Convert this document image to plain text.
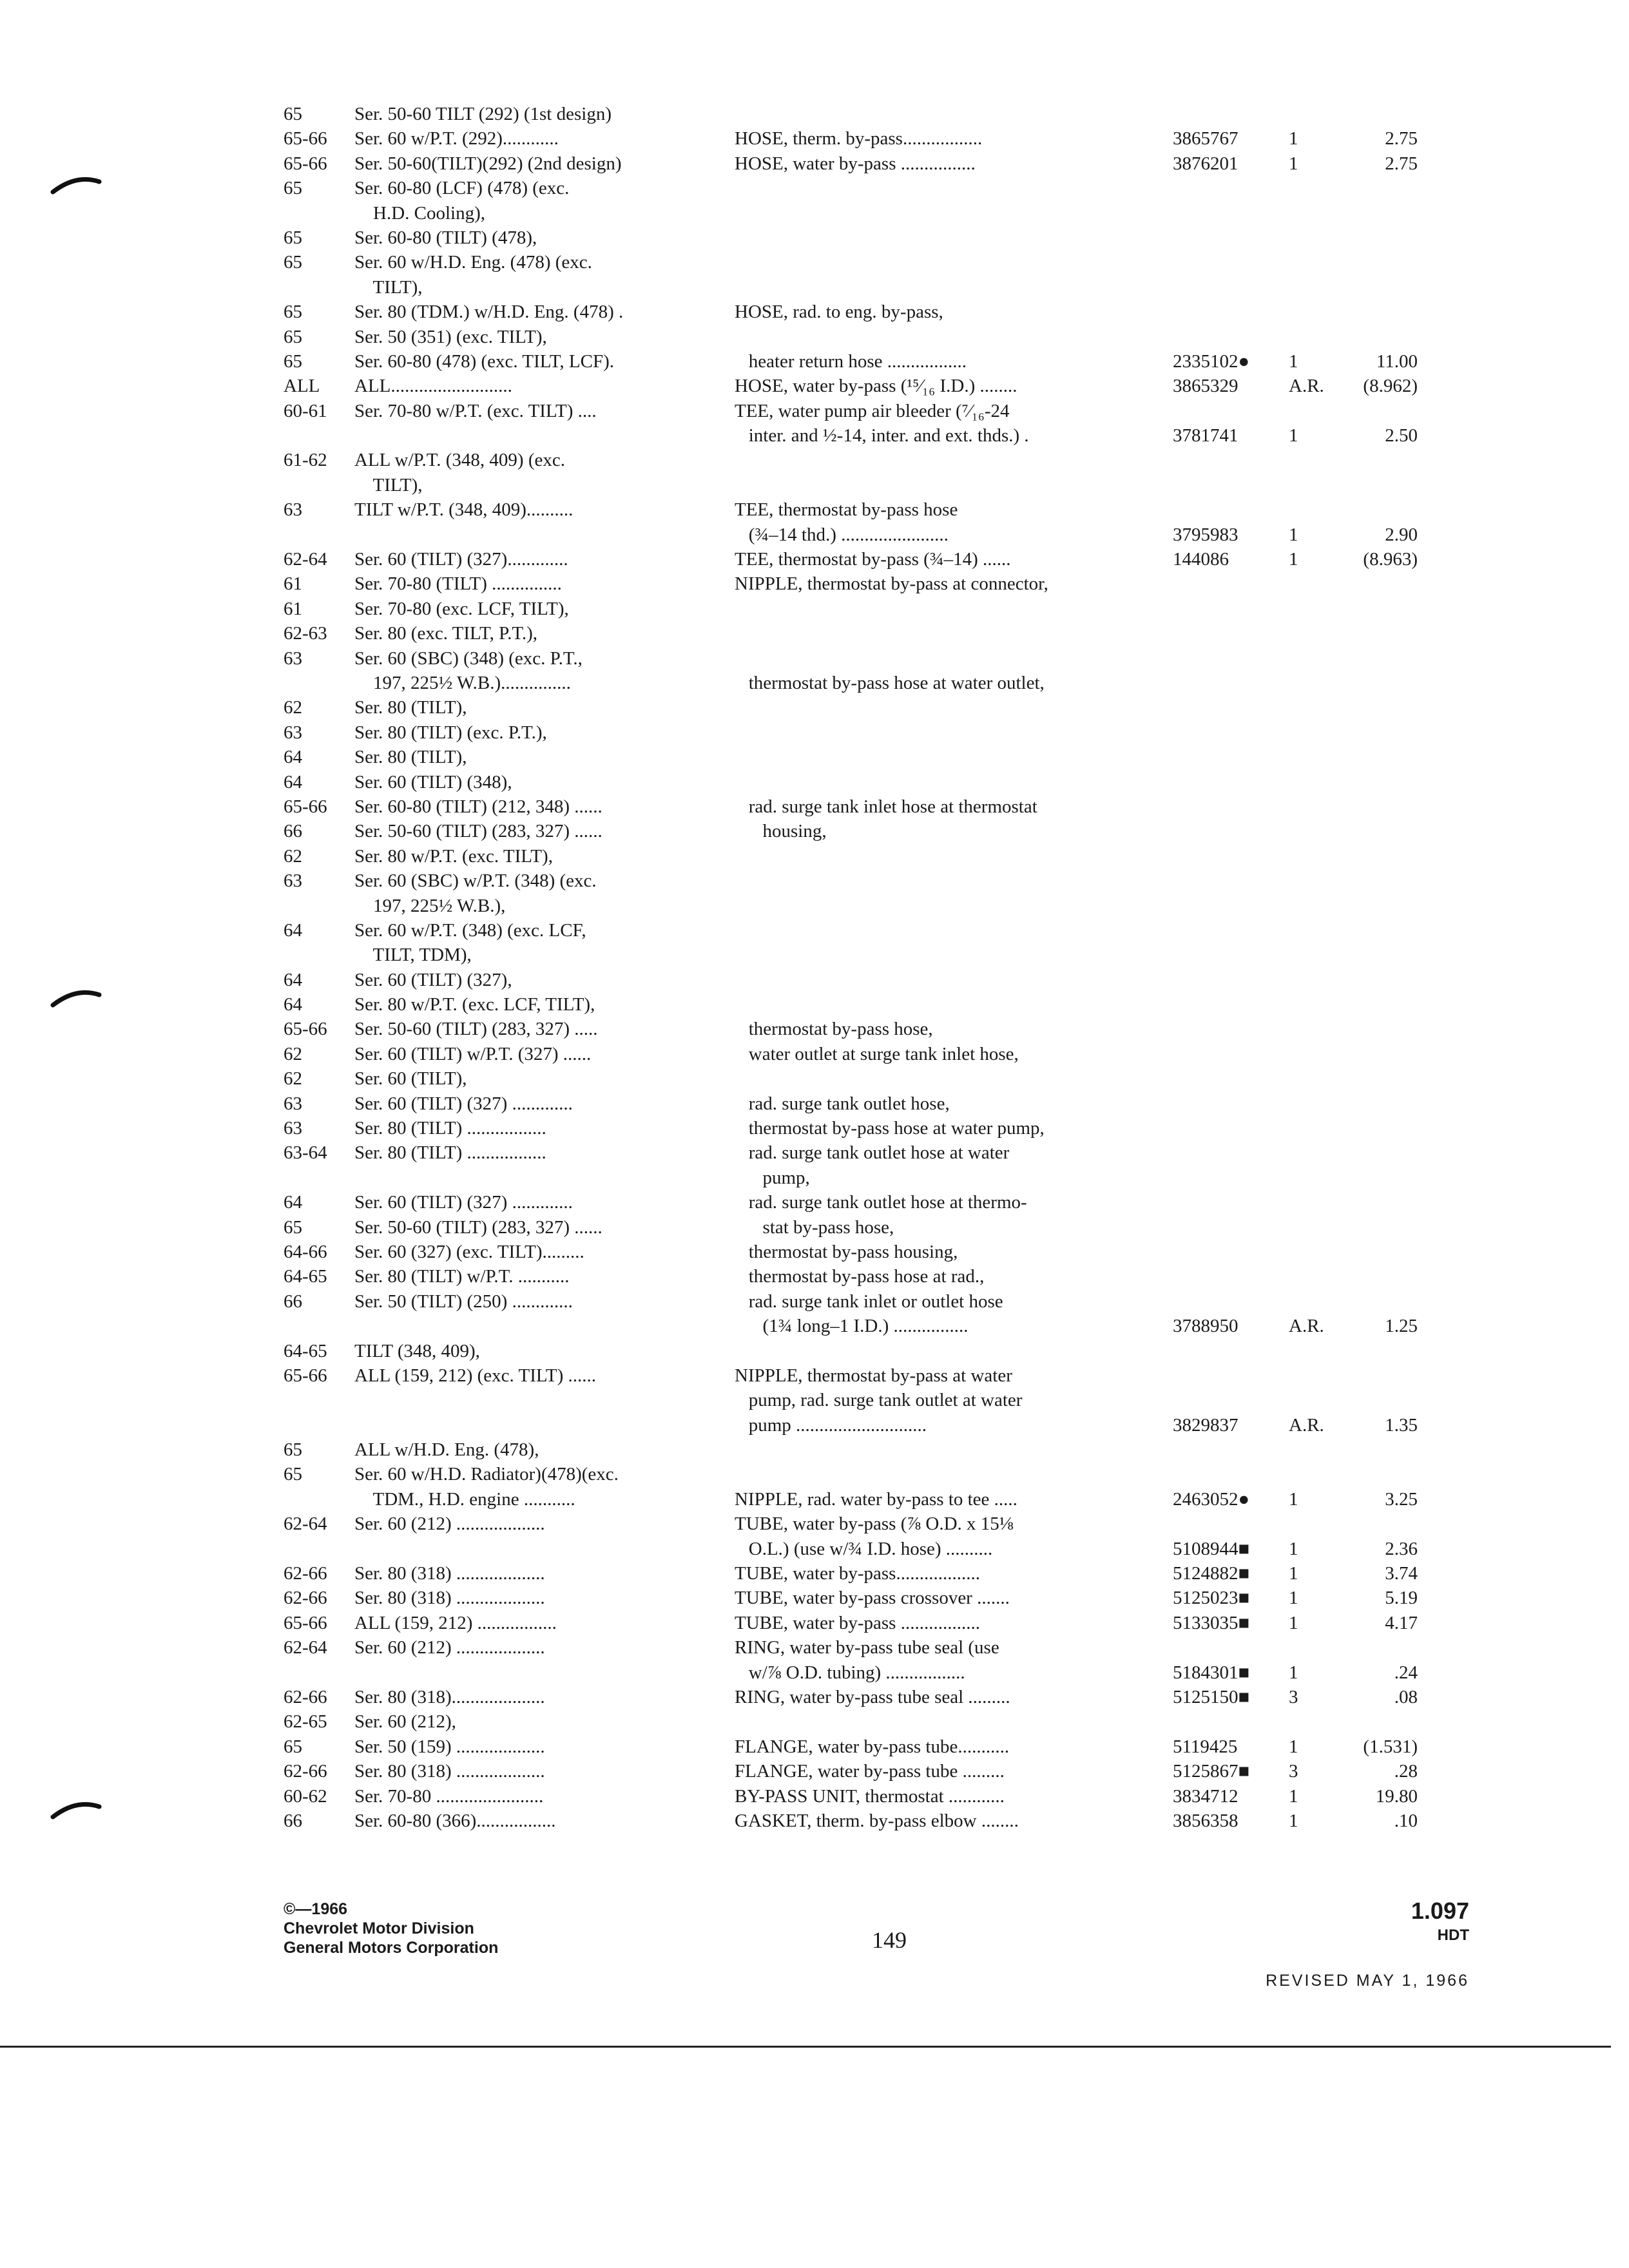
65	Ser. 50-60 TILT (292) (1st design)
65-66 Ser. 60 w/P.T. (292)............	HOSE, therm. by-pass.................	3865767	1	2.75
65-66 Ser. 50-60(TILT)(292) (2nd design)	HOSE, water by-pass ................	3876201	1	2.75
65	Ser. 60-80 (LCF) (478) (exc.
H.D. Cooling),
65	Ser. 60-80 (TILT) (478),
65	Ser. 60 w/H.D. Eng. (478) (exc.
TILT),
65	Ser. 80 (TDM.) w/H.D. Eng. (478) .	HOSE, rad. to eng. by-pass,
65	Ser. 50 (351) (exc. TILT),
65	Ser. 60-80 (478) (exc. TILT, LCF).	heater return hose .................	2335102● 1	11.00
ALL ALL..........................	HOSE, water by-pass (¹⁵⁄₁₆ I.D.) ........	3865329	A.R.	(8.962)
60-61 Ser. 70-80 w/P.T. (exc. TILT) ....	TEE, water pump air bleeder (⁷⁄₁₆-24
inter. and ½-14, inter. and ext. thds.) .	3781741	1	2.50
61-62 ALL w/P.T. (348, 409) (exc.
TILT),
63	TILT w/P.T. (348, 409)..........	TEE, thermostat by-pass hose
(¾–14 thd.) .......................	3795983	1	2.90
62-64 Ser. 60 (TILT) (327).............	TEE, thermostat by-pass (¾–14) ......	144086	1	(8.963)
61	Ser. 70-80 (TILT) ...............	NIPPLE, thermostat by-pass at connector,
61	Ser. 70-80 (exc. LCF, TILT),
62-63 Ser. 80 (exc. TILT, P.T.),
63	Ser. 60 (SBC) (348) (exc. P.T.,
197, 225½ W.B.)...............	thermostat by-pass hose at water outlet,
62	Ser. 80 (TILT),
63	Ser. 80 (TILT) (exc. P.T.),
64	Ser. 80 (TILT),
64	Ser. 60 (TILT) (348),
65-66 Ser. 60-80 (TILT) (212, 348) ......	rad. surge tank inlet hose at thermostat
66	Ser. 50-60 (TILT) (283, 327) ......	housing,
62	Ser. 80 w/P.T. (exc. TILT),
63	Ser. 60 (SBC) w/P.T. (348) (exc.
197, 225½ W.B.),
64	Ser. 60 w/P.T. (348) (exc. LCF,
TILT, TDM),
64	Ser. 60 (TILT) (327),
64	Ser. 80 w/P.T. (exc. LCF, TILT),
65-66 Ser. 50-60 (TILT) (283, 327) .....	thermostat by-pass hose,
62	Ser. 60 (TILT) w/P.T. (327) ......	water outlet at surge tank inlet hose,
62	Ser. 60 (TILT),
63	Ser. 60 (TILT) (327) .............	rad. surge tank outlet hose,
63	Ser. 80 (TILT) .................	thermostat by-pass hose at water pump,
63-64 Ser. 80 (TILT) .................	rad. surge tank outlet hose at water
pump,
64	Ser. 60 (TILT) (327) .............	rad. surge tank outlet hose at thermo-
65	Ser. 50-60 (TILT) (283, 327) ......	stat by-pass hose,
64-66 Ser. 60 (327) (exc. TILT).........	thermostat by-pass housing,
64-65 Ser. 80 (TILT) w/P.T. ...........	thermostat by-pass hose at rad.,
66	Ser. 50 (TILT) (250) .............	rad. surge tank inlet or outlet hose
(1¾ long–1 I.D.) ................	3788950	A.R.	1.25
64-65 TILT (348, 409),
65-66 ALL (159, 212) (exc. TILT) ......	NIPPLE, thermostat by-pass at water
pump, rad. surge tank outlet at water
pump ............................	3829837	A.R.	1.35
65	ALL w/H.D. Eng. (478),
65	Ser. 60 w/H.D. Radiator)(478)(exc.
TDM., H.D. engine ...........	NIPPLE, rad. water by-pass to tee .....	2463052● 1	3.25
62-64 Ser. 60 (212) ...................	TUBE, water by-pass (⅞ O.D. x 15⅛
O.L.) (use w/¾ I.D. hose) ..........	5108944■ 1	2.36
62-66 Ser. 80 (318) ...................	TUBE, water by-pass..................	5124882■ 1	3.74
62-66 Ser. 80 (318) ...................	TUBE, water by-pass crossover .......	5125023■ 1	5.19
65-66 ALL (159, 212) .................	TUBE, water by-pass .................	5133035■ 1	4.17
62-64 Ser. 60 (212) ...................	RING, water by-pass tube seal (use
w/⅞ O.D. tubing) .................	5184301■ 1	.24
62-66 Ser. 80 (318)....................	RING, water by-pass tube seal .........	5125150■ 3	.08
62-65 Ser. 60 (212),
65	Ser. 50 (159) ...................	FLANGE, water by-pass tube...........	5119425	1	(1.531)
62-66 Ser. 80 (318) ...................	FLANGE, water by-pass tube .........	5125867■ 3	.28
60-62 Ser. 70-80 .......................	BY-PASS UNIT, thermostat ............	3834712	1	19.80
66	Ser. 60-80 (366).................	GASKET, therm. by-pass elbow ........	3856358	1	.10
©—1966
Chevrolet Motor Division
General Motors Corporation	149
1.097
HDT
REVISED MAY 1, 1966
